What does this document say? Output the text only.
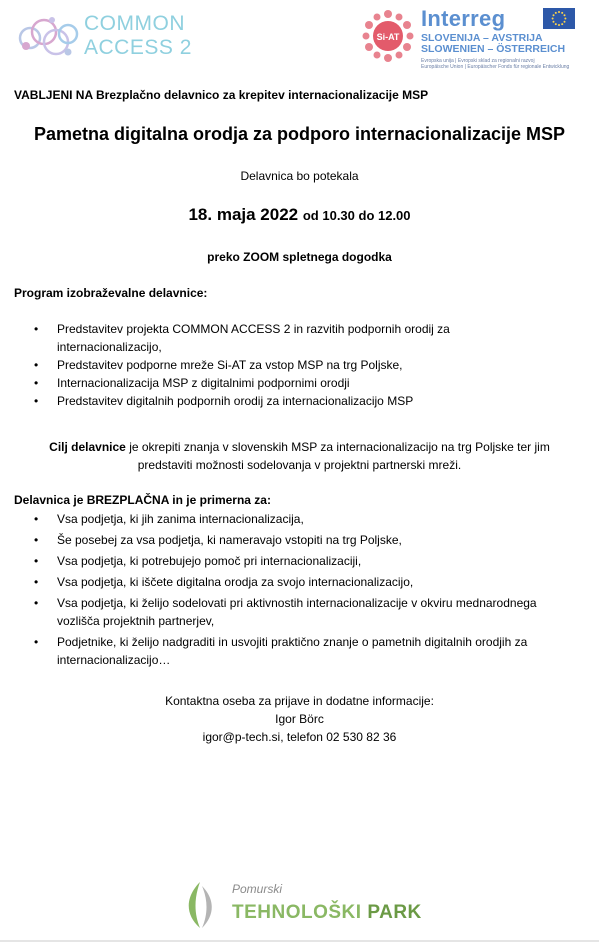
COMMON
ACCESS 2	Si-AT
Interreg
SLOVENIJA – AVSTRIJA
SLOWENIEN – ÖSTERREICH
Evropska unija | Evropski sklad za regionalni razvoj
Europäische Union | Europäischer Fonds für regionale Entwicklung
VABLJENI NA Brezplačno delavnico za krepitev internacionalizacije MSP
Pametna digitalna orodja za podporo internacionalizacije MSP
Delavnica bo potekala
18. maja 2022 od 10.30 do 12.00
preko ZOOM spletnega dogodka
Program izobraževalne delavnice:
• Predstavitev projekta COMMON ACCESS 2 in razvitih podpornih orodij za
internacionalizacijo,
• Predstavitev podporne mreže Si-AT za vstop MSP na trg Poljske,
• Internacionalizacija MSP z digitalnimi podpornimi orodji
• Predstavitev digitalnih podpornih orodij za internacionalizacijo MSP
Cilj delavnice je okrepiti znanja v slovenskih MSP za internacionalizacijo na trg Poljske ter jim
predstaviti možnosti sodelovanja v projektni partnerski mreži.
Delavnica je BREZPLAČNA in je primerna za:
• Vsa podjetja, ki jih zanima internacionalizacija,
• Še posebej za vsa podjetja, ki nameravajo vstopiti na trg Poljske,
• Vsa podjetja, ki potrebujejo pomoč pri internacionalizaciji,
• Vsa podjetja, ki iščete digitalna orodja za svojo internacionalizacijo,
• Vsa podjetja, ki želijo sodelovati pri aktivnostih internacionalizacije v okviru mednarodnega
vozlišča projektnih partnerjev,
• Podjetnike, ki želijo nadgraditi in usvojiti praktično znanje o pametnih digitalnih orodjih za
internacionalizacijo…
Kontaktna oseba za prijave in dodatne informacije:
Igor Börc
igor@p-tech.si, telefon 02 530 82 36
Pomurski
TEHNOLOŠKI PARK
